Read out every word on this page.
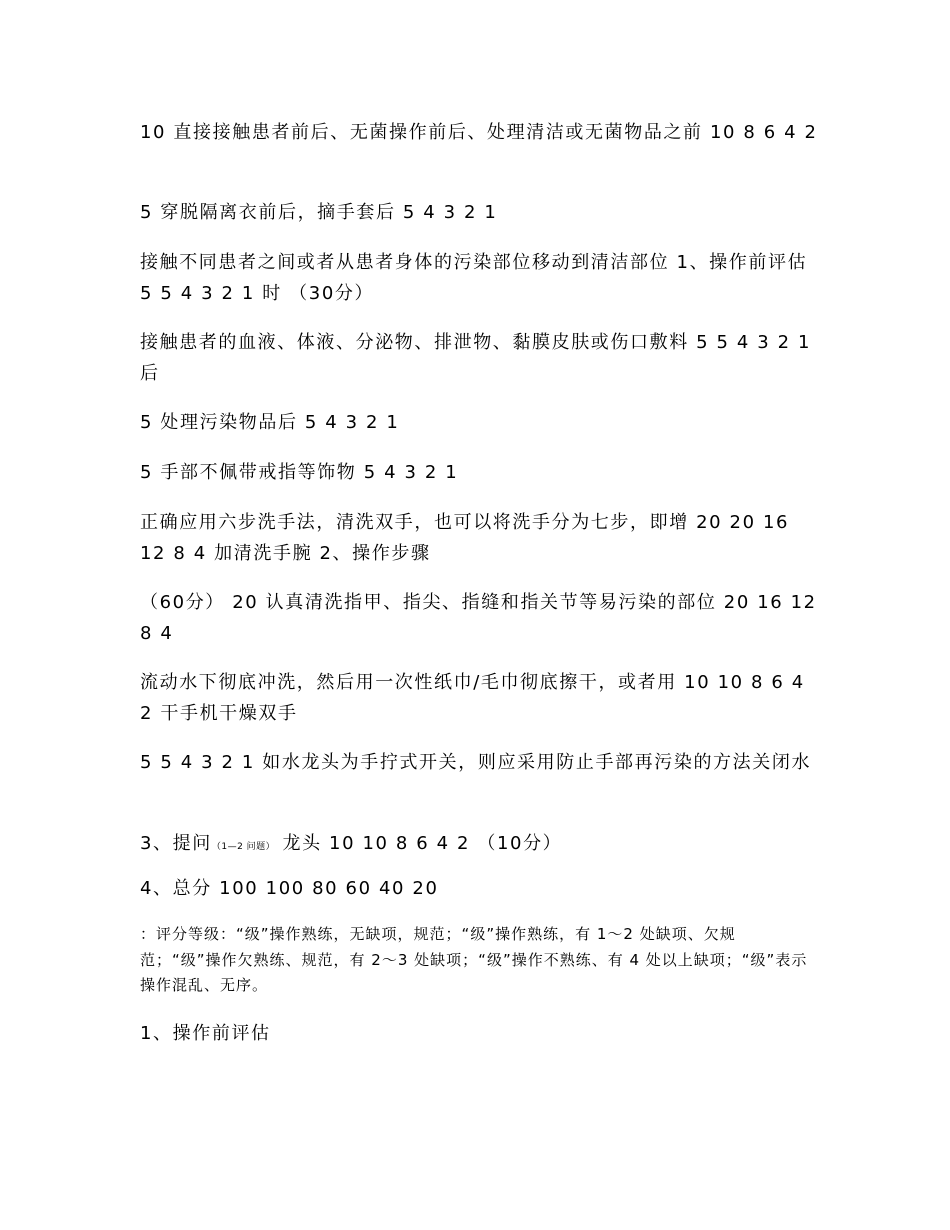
10 直接接触患者前后、无菌操作前后、处理清洁或无菌物品之前 10 8 6 4 2

5 穿脱隔离衣前后，摘手套后 5 4 3 2 1

接触不同患者之间或者从患者身体的污染部位移动到清洁部位 1、操作前评估 5 5 4 3 2 1 时 （30分）

接触患者的血液、体液、分泌物、排泄物、黏膜皮肤或伤口敷料 5 5 4 3 2 1 后

5 处理污染物品后 5 4 3 2 1

5 手部不佩带戒指等饰物 5 4 3 2 1

正确应用六步洗手法，清洗双手，也可以将洗手分为七步，即增 20 20 16 12 8 4 加清洗手腕 2、操作步骤

（60分） 20 认真清洗指甲、指尖、指缝和指关节等易污染的部位 20 16 12 8 4

流动水下彻底冲洗，然后用一次性纸巾/毛巾彻底擦干，或者用 10 10 8 6 4 2 干手机干燥双手

5 5 4 3 2 1 如水龙头为手拧式开关，则应采用防止手部再污染的方法关闭水

3、提问（1—2 问题） 龙头 10 10 8 6 4 2 （10分）

4、总分 100 100 80 60 40 20

：评分等级：“级”操作熟练，无缺项，规范；“级”操作熟练，有 1～2 处缺项、欠规范；“级”操作欠熟练、规范，有 2～3 处缺项；“级”操作不熟练、有 4 处以上缺项；“级”表示操作混乱、无序。

1、操作前评估
